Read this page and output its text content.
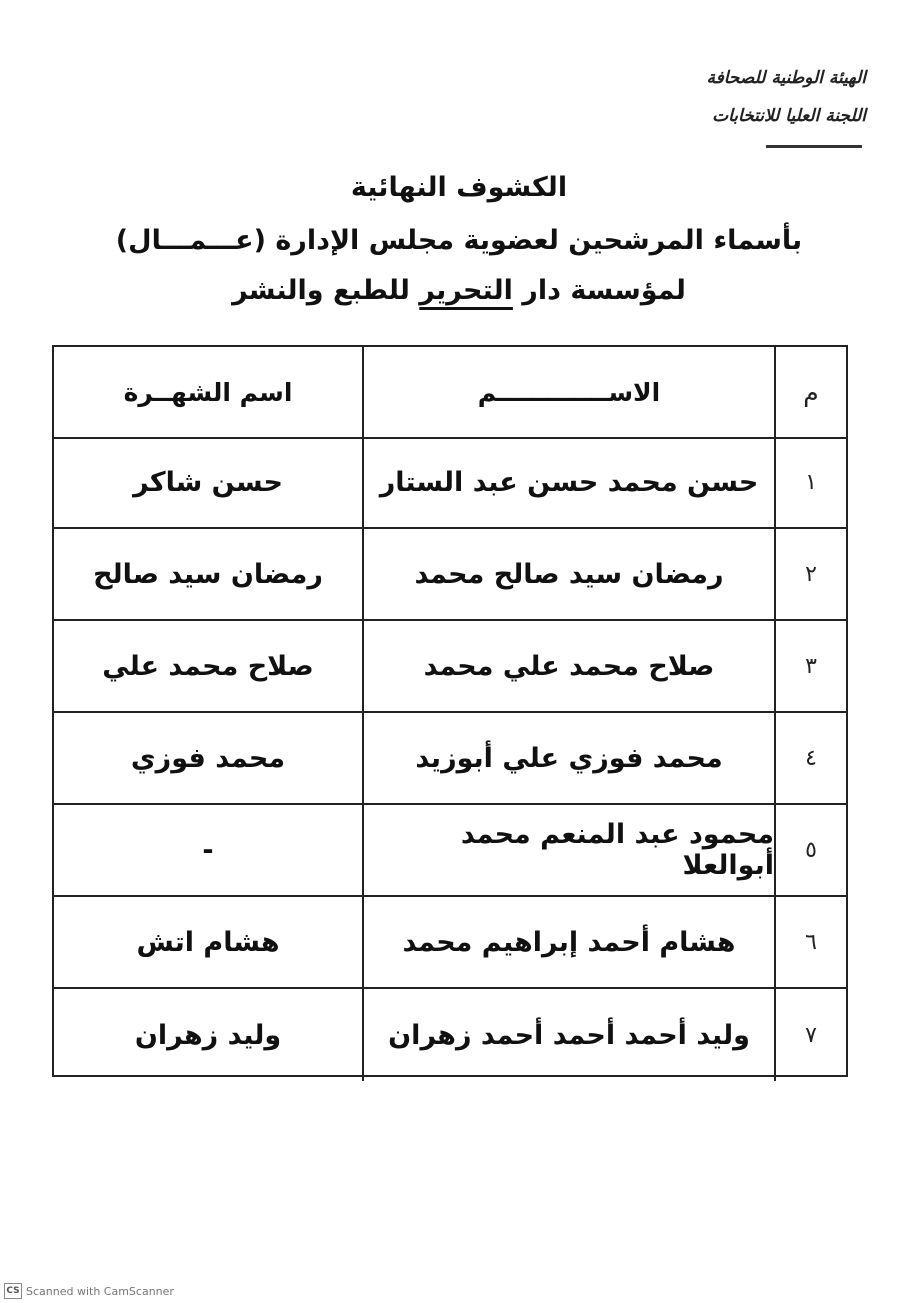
الهيئة الوطنية للصحافة
اللجنة العليا للانتخابات
الكشوف النهائية
بأسماء المرشحين لعضوية مجلس الإدارة (عـــمـــال)
لمؤسسة دار التحرير للطبع والنشر
م
الاســـــــــــــم
اسم الشهــرة
١
حسن محمد حسن عبد الستار
حسن شاكر
٢
رمضان سيد صالح محمد
رمضان سيد صالح
٣
صلاح محمد علي محمد
صلاح محمد علي
٤
محمد فوزي علي أبوزيد
محمد فوزي
٥
محمود عبد المنعم محمد أبوالعلا
-
٦
هشام أحمد إبراهيم محمد
هشام اتش
٧
وليد أحمد أحمد أحمد زهران
وليد زهران
CS Scanned with CamScanner
